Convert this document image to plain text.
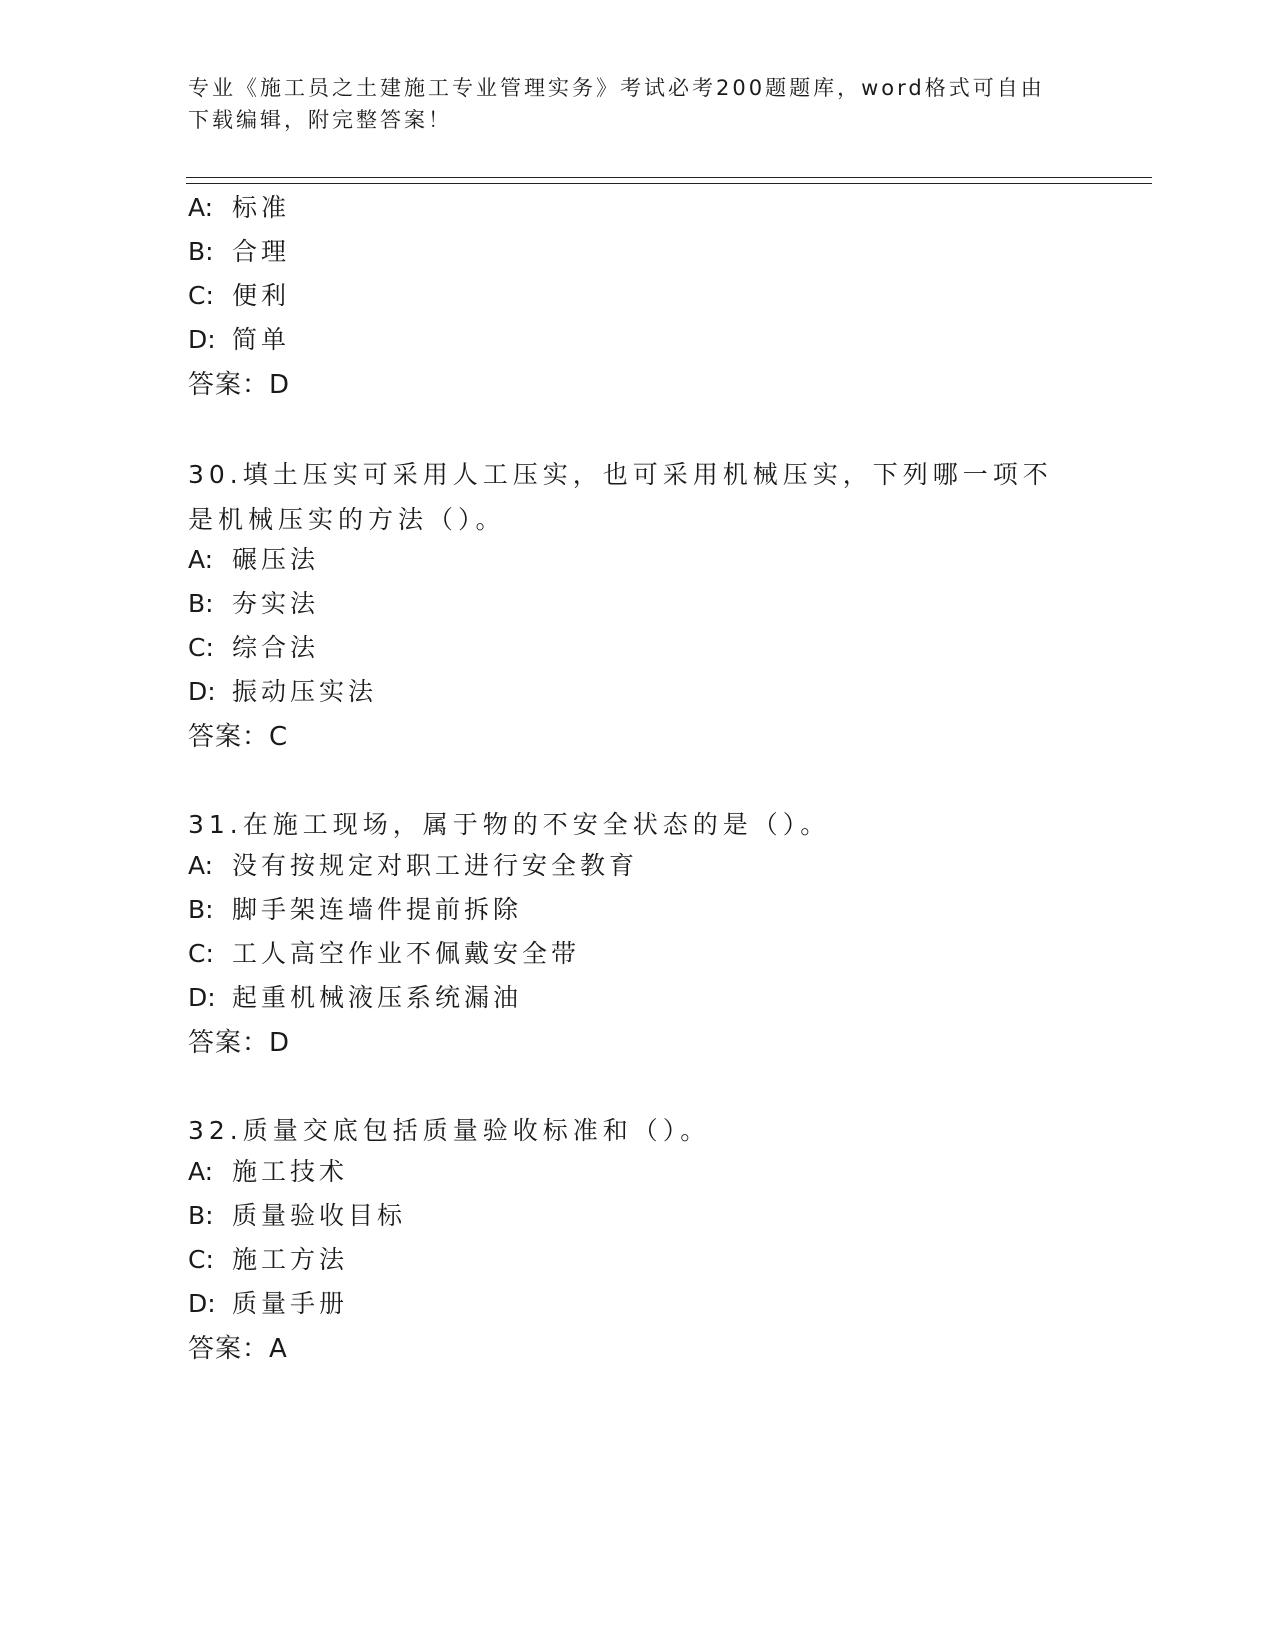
专业《施工员之土建施工专业管理实务》考试必考200题题库，word格式可自由下载编辑，附完整答案！
A: 标准
B: 合理
C: 便利
D: 简单
答案：D
30.填土压实可采用人工压实，也可采用机械压实，下列哪一项不是机械压实的方法（）。
A: 碾压法
B: 夯实法
C: 综合法
D: 振动压实法
答案：C
31.在施工现场，属于物的不安全状态的是（）。
A: 没有按规定对职工进行安全教育
B: 脚手架连墙件提前拆除
C: 工人高空作业不佩戴安全带
D: 起重机械液压系统漏油
答案：D
32.质量交底包括质量验收标准和（）。
A: 施工技术
B: 质量验收目标
C: 施工方法
D: 质量手册
答案：A
